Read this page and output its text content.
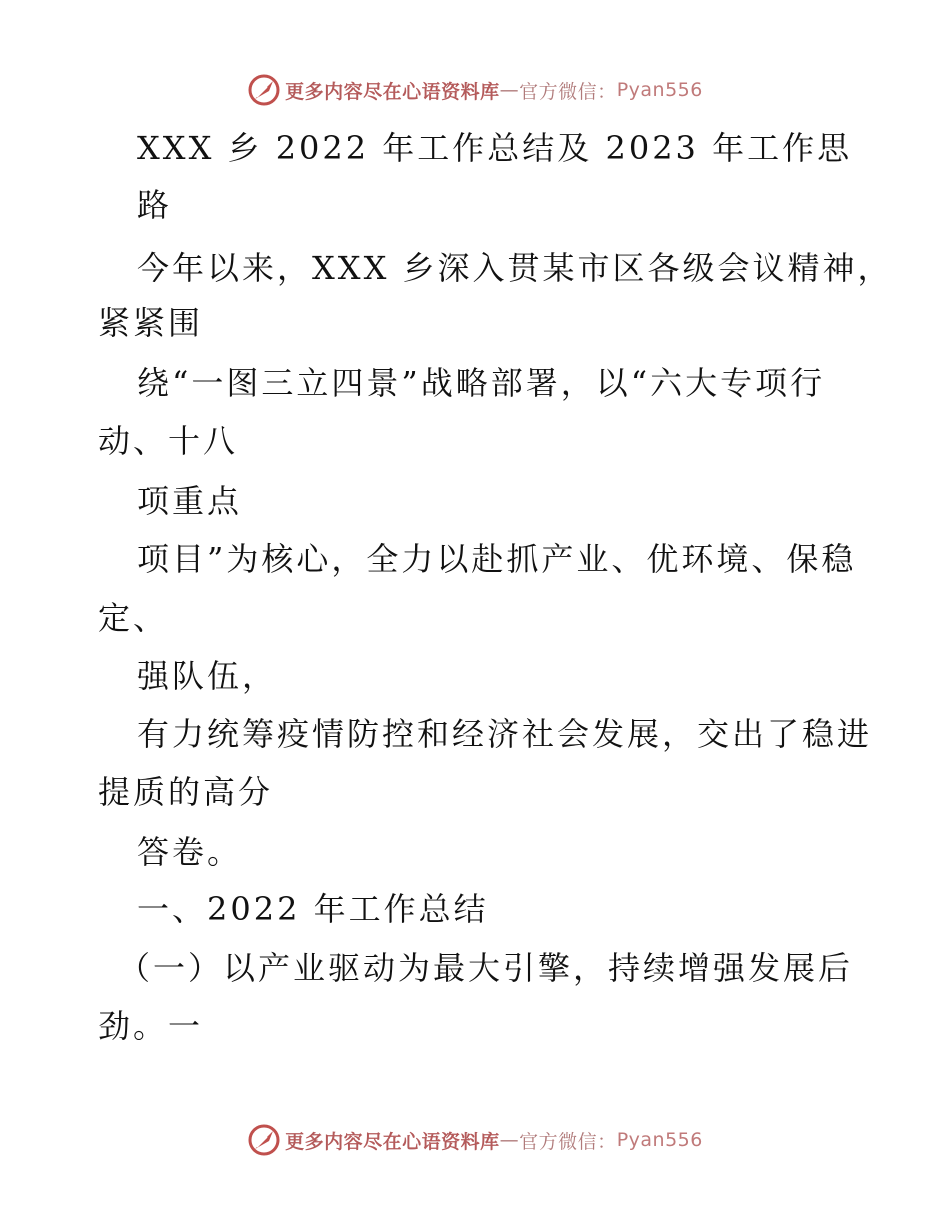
更多内容尽在心语资料库 — 官方微信： Pyan556
XXX 乡 2022 年工作总结及 2023 年工作思
路
今年以来，XXX 乡深入贯某市区各级会议精神，
紧紧围
绕“一图三立四景”战略部署，以“六大专项行
动、十八
项重点
项目”为核心，全力以赴抓产业、优环境、保稳
定、
强队伍，
有力统筹疫情防控和经济社会发展，交出了稳进
提质的高分
答卷。
一、2022 年工作总结
（一）以产业驱动为最大引擎，持续增强发展后
劲。一
更多内容尽在心语资料库 — 官方微信： Pyan556
